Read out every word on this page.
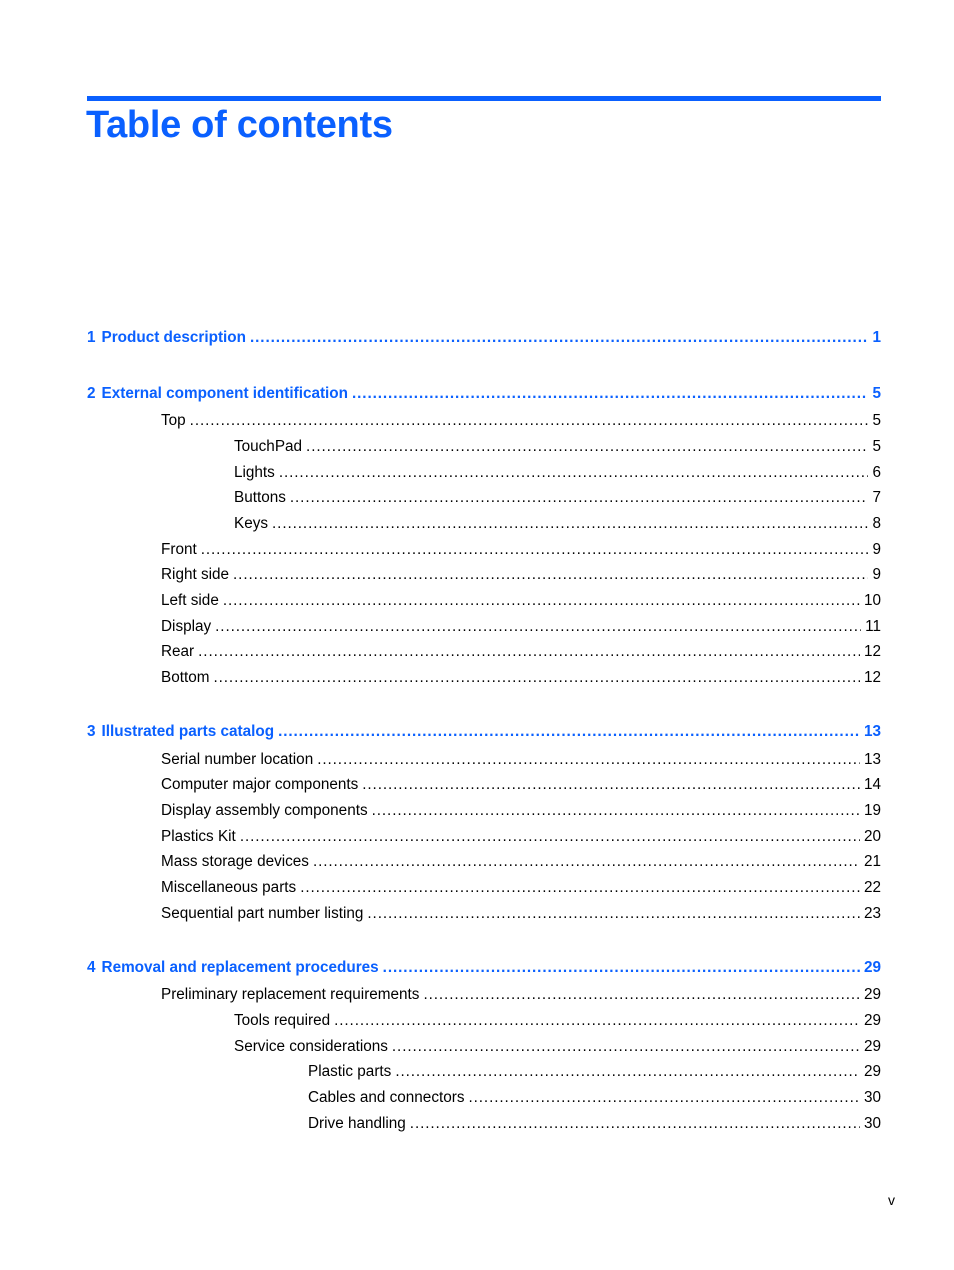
Table of contents
1 Product description .....	1
2 External component identification .....	5
Top .....	5
TouchPad .....	5
Lights .....	6
Buttons .....	7
Keys .....	8
Front .....	9
Right side .....	9
Left side .....	10
Display .....	11
Rear .....	12
Bottom .....	12
3 Illustrated parts catalog .....	13
Serial number location .....	13
Computer major components .....	14
Display assembly components .....	19
Plastics Kit .....	20
Mass storage devices .....	21
Miscellaneous parts .....	22
Sequential part number listing .....	23
4 Removal and replacement procedures .....	29
Preliminary replacement requirements .....	29
Tools required .....	29
Service considerations .....	29
Plastic parts .....	29
Cables and connectors .....	30
Drive handling .....	30
v
